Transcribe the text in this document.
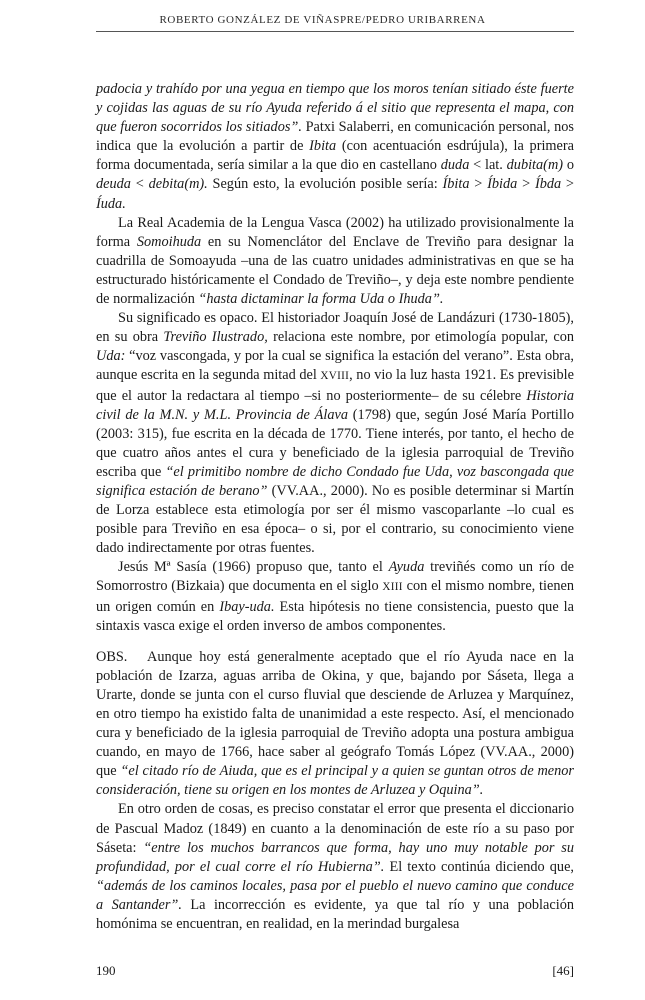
ROBERTO GONZÁLEZ DE VIÑASPRE/PEDRO URIBARRENA

padocia y trahído por una yegua en tiempo que los moros tenían sitiado éste fuerte y cojidas las aguas de su río Ayuda referido á el sitio que representa el mapa, con que fueron socorridos los sitiados”. Patxi Salaberri, en comunicación personal, nos indica que la evolución a partir de Ibita (con acentuación esdrújula), la primera forma documentada, sería similar a la que dio en castellano duda < lat. dubita(m) o deuda < debita(m). Según esto, la evolución posible sería: Íbita > Íbida > Íbda > Íuda.

La Real Academia de la Lengua Vasca (2002) ha utilizado provisionalmente la forma Somoihuda en su Nomenclátor del Enclave de Treviño para designar la cuadrilla de Somoayuda –una de las cuatro unidades administrativas en que se ha estructurado históricamente el Condado de Treviño–, y deja este nombre pendiente de normalización “hasta dictaminar la forma Uda o Ihuda”.

Su significado es opaco. El historiador Joaquín José de Landázuri (1730-1805), en su obra Treviño Ilustrado, relaciona este nombre, por etimología popular, con Uda: “voz vascongada, y por la cual se significa la estación del verano”. Esta obra, aunque escrita en la segunda mitad del XVIII, no vio la luz hasta 1921. Es previsible que el autor la redactara al tiempo –si no posteriormente– de su célebre Historia civil de la M.N. y M.L. Provincia de Álava (1798) que, según José María Portillo (2003: 315), fue escrita en la década de 1770. Tiene interés, por tanto, el hecho de que cuatro años antes el cura y beneficiado de la iglesia parroquial de Treviño escriba que “el primitibo nombre de dicho Condado fue Uda, voz bascongada que significa estación de berano” (VV.AA., 2000). No es posible determinar si Martín de Lorza establece esta etimología por ser él mismo vascoparlante –lo cual es posible para Treviño en esa época– o si, por el contrario, su conocimiento viene dado indirectamente por otras fuentes.

Jesús Mª Sasía (1966) propuso que, tanto el Ayuda treviñés como un río de Somorrostro (Bizkaia) que documenta en el siglo XIII con el mismo nombre, tienen un origen común en Ibay-uda. Esta hipótesis no tiene consistencia, puesto que la sintaxis vasca exige el orden inverso de ambos componentes.

OBS. Aunque hoy está generalmente aceptado que el río Ayuda nace en la población de Izarza, aguas arriba de Okina, y que, bajando por Sáseta, llega a Urarte, donde se junta con el curso fluvial que desciende de Arluzea y Marquínez, en otro tiempo ha existido falta de unanimidad a este respecto. Así, el mencionado cura y beneficiado de la iglesia parroquial de Treviño adopta una postura ambigua cuando, en mayo de 1766, hace saber al geógrafo Tomás López (VV.AA., 2000) que “el citado río de Aiuda, que es el principal y a quien se guntan otros de menor consideración, tiene su origen en los montes de Arluzea y Oquina”.

En otro orden de cosas, es preciso constatar el error que presenta el diccionario de Pascual Madoz (1849) en cuanto a la denominación de este río a su paso por Sáseta: “entre los muchos barrancos que forma, hay uno muy notable por su profundidad, por el cual corre el río Hubierna”. El texto continúa diciendo que, “además de los caminos locales, pasa por el pueblo el nuevo camino que conduce a Santander”. La incorrección es evidente, ya que tal río y una población homónima se encuentran, en realidad, en la merindad burgalesa

190	[46]
